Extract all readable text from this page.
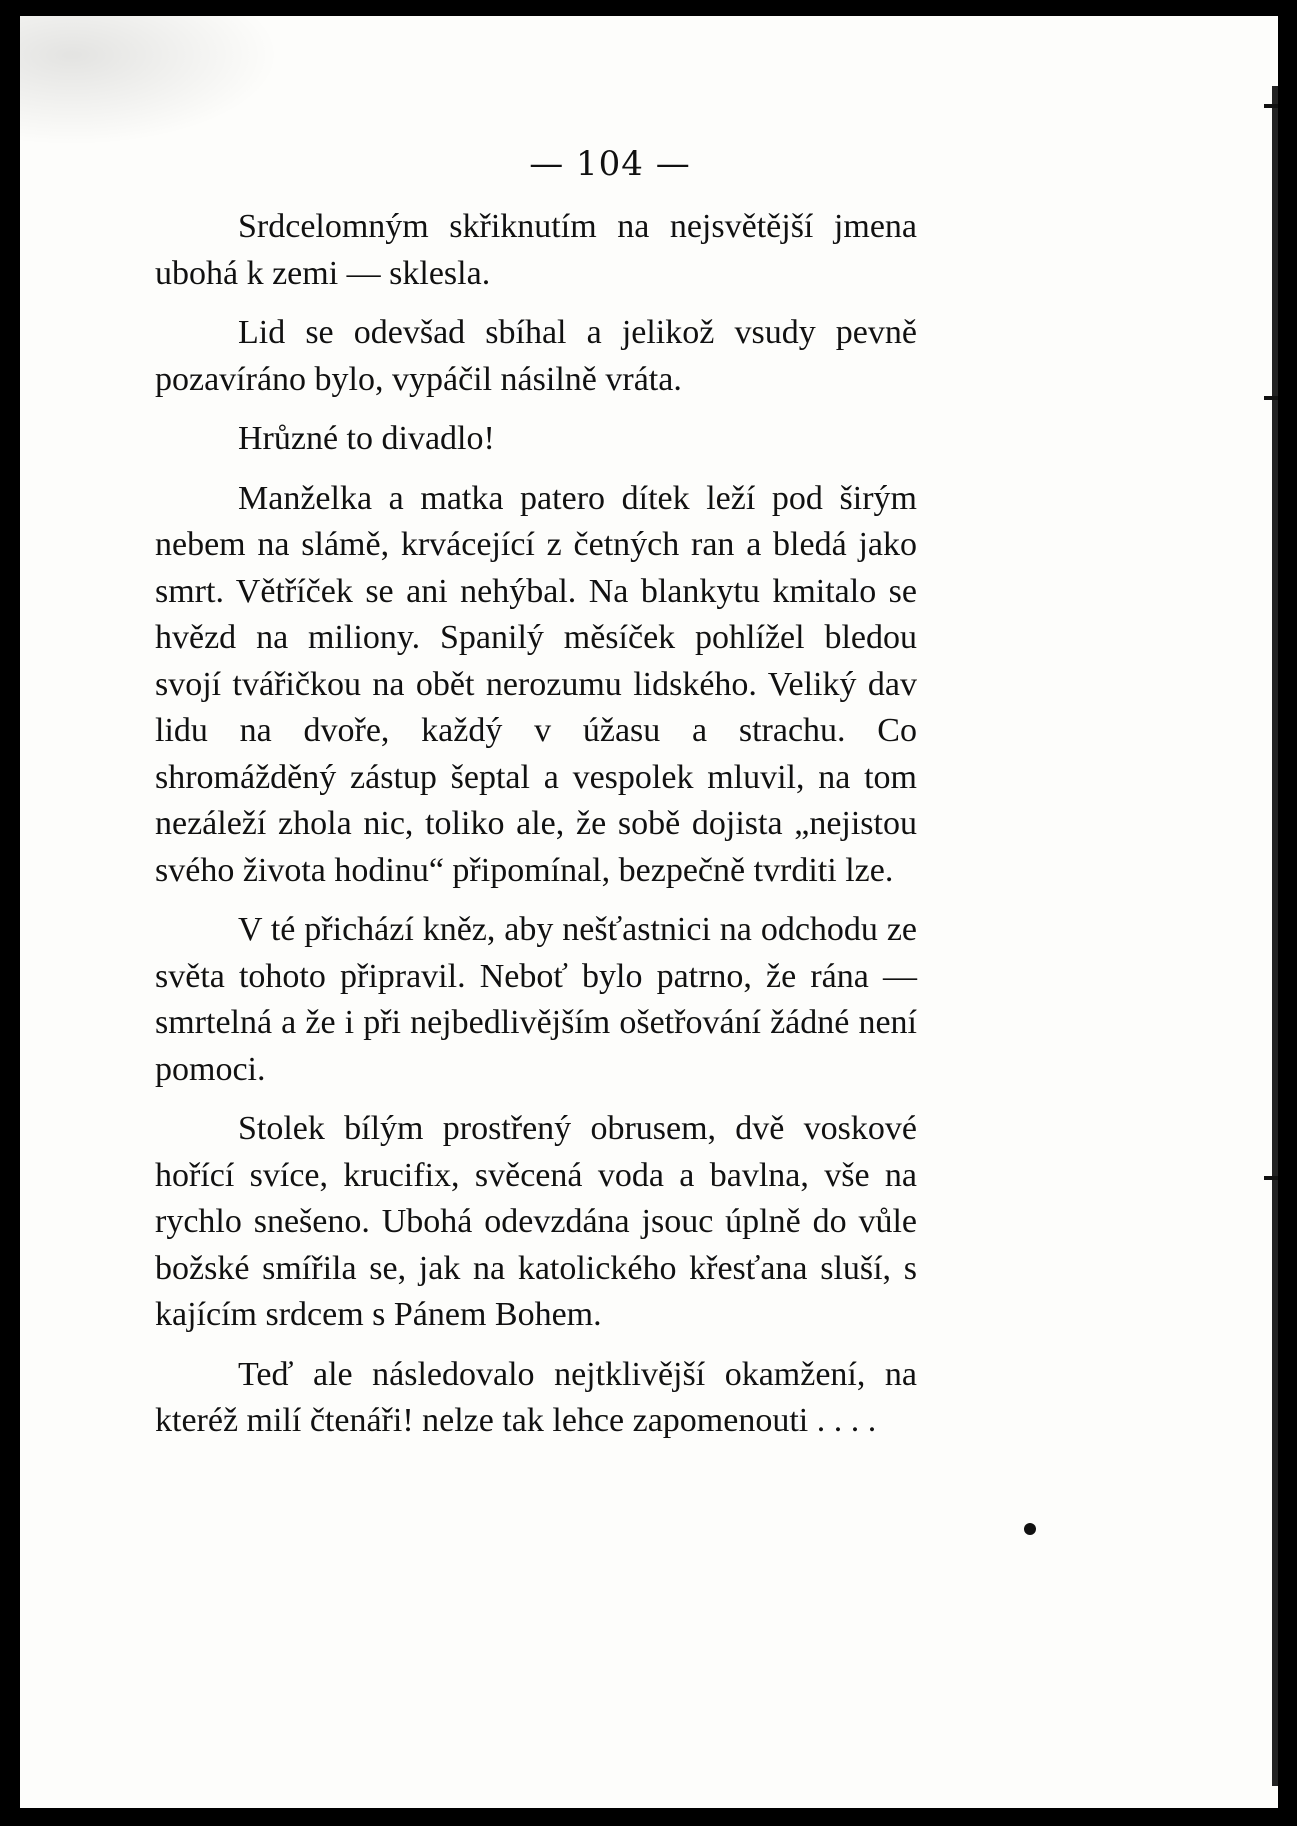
— 104 —

Srdcelomným skřiknutím na nejsvětější jmena ubohá k zemi — sklesla.

Lid se odevšad sbíhal a jelikož vsudy pevně pozavíráno bylo, vypáčil násilně vráta.

Hrůzné to divadlo!

Manželka a matka patero dítek leží pod širým nebem na slámě, krvácející z četných ran a bledá jako smrt. Větříček se ani nehýbal. Na blankytu kmitalo se hvězd na miliony. Spanilý měsíček pohlížel bledou svojí tvářičkou na obět nerozumu lidského. Veliký dav lidu na dvoře, každý v úžasu a strachu. Co shromážděný zástup šeptal a vespolek mluvil, na tom nezáleží zhola nic, toliko ale, že sobě dojista „nejistou svého života hodinu“ připomínal, bezpečně tvrditi lze.

V té přichází kněz, aby nešťastnici na odchodu ze světa tohoto připravil. Neboť bylo patrno, že rána — smrtelná a že i při nejbedlivějším ošetřování žádné není pomoci.

Stolek bílým prostřený obrusem, dvě voskové hořící svíce, krucifix, svěcená voda a bavlna, vše na rychlo snešeno. Ubohá odevzdána jsouc úplně do vůle božské smířila se, jak na katolického křesťana sluší, s kajícím srdcem s Pánem Bohem.

Teď ale následovalo nejtklivější okamžení, na kteréž milí čtenáři! nelze tak lehce zapomenouti . . . .
